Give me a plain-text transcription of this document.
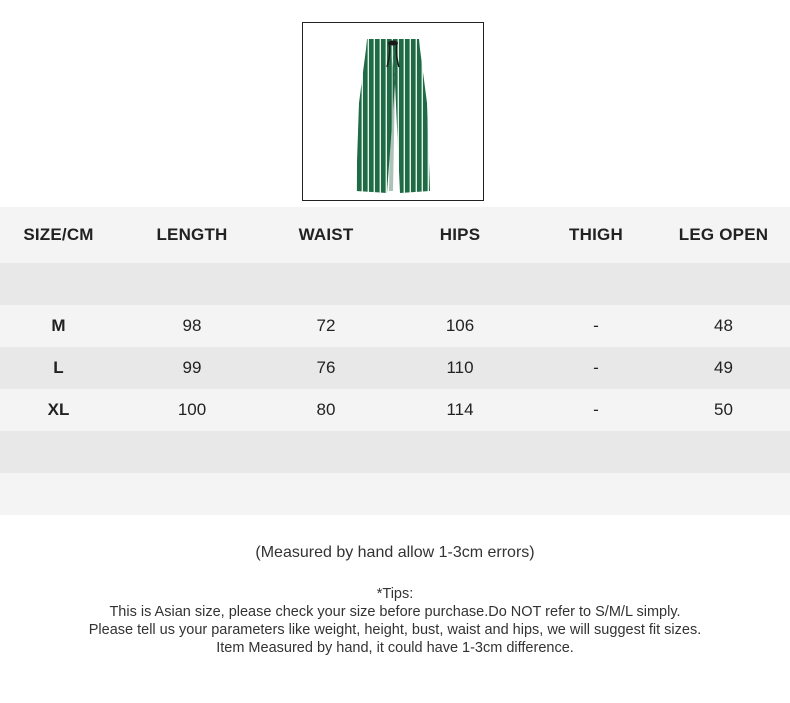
SIZE/CM	LENGTH	WAIST	HIPS	THIGH	LEG OPEN
M	98	72	106	-	48
L	99	76	110	-	49
XL	100	80	114	-	50
(Measured by hand allow 1-3cm errors)
*Tips:
This is Asian size, please check your size before purchase.Do NOT refer to S/M/L simply.
Please tell us your parameters like weight, height, bust, waist and hips, we will suggest fit sizes.
Item Measured by hand, it could have 1-3cm difference.
